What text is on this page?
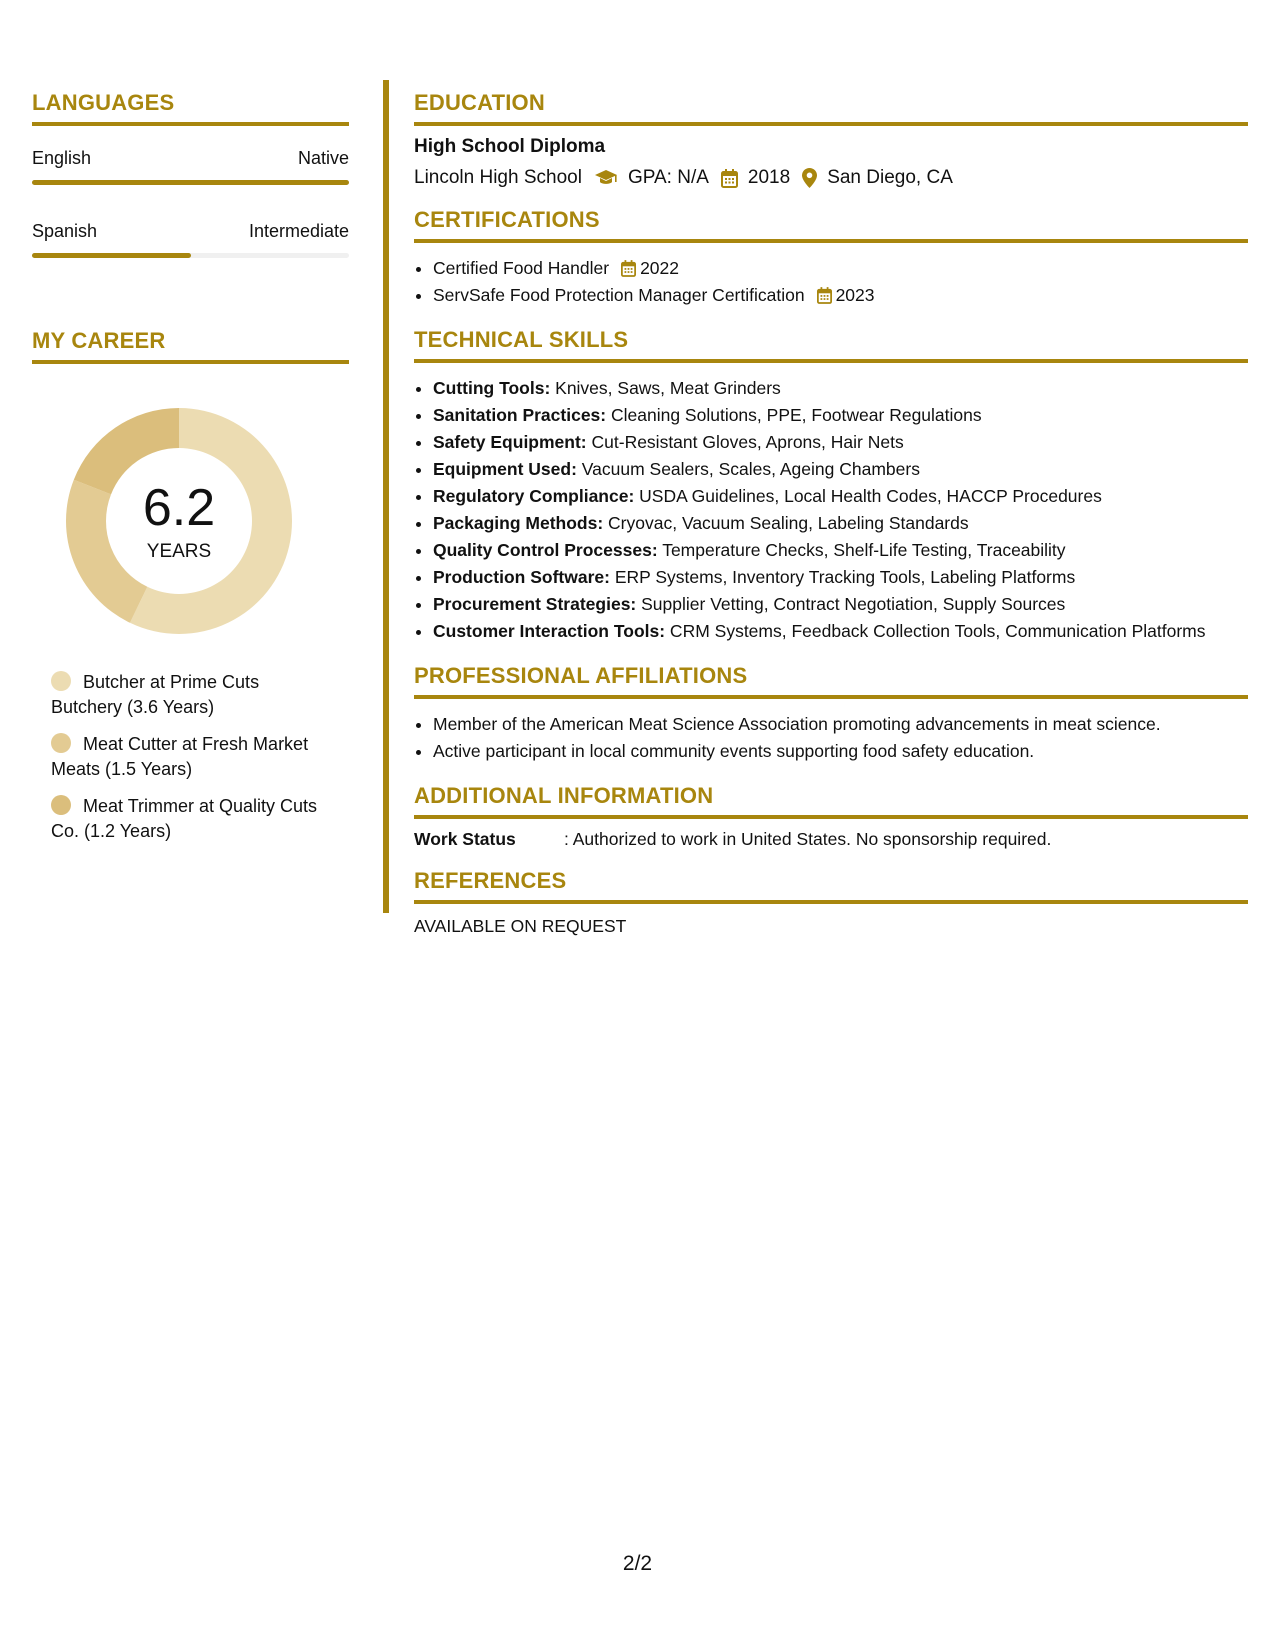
LANGUAGES
English	Native
Spanish	Intermediate
MY CAREER
6.2
YEARS
Butcher at Prime Cuts Butchery (3.6 Years)
Meat Cutter at Fresh Market Meats (1.5 Years)
Meat Trimmer at Quality Cuts Co. (1.2 Years)
EDUCATION
High School Diploma
Lincoln High School GPA: N/A 2018 San Diego, CA
CERTIFICATIONS
• Certified Food Handler 2022
• ServSafe Food Protection Manager Certification 2023
TECHNICAL SKILLS
• Cutting Tools: Knives, Saws, Meat Grinders
• Sanitation Practices: Cleaning Solutions, PPE, Footwear Regulations
• Safety Equipment: Cut-Resistant Gloves, Aprons, Hair Nets
• Equipment Used: Vacuum Sealers, Scales, Ageing Chambers
• Regulatory Compliance: USDA Guidelines, Local Health Codes, HACCP Procedures
• Packaging Methods: Cryovac, Vacuum Sealing, Labeling Standards
• Quality Control Processes: Temperature Checks, Shelf-Life Testing, Traceability
• Production Software: ERP Systems, Inventory Tracking Tools, Labeling Platforms
• Procurement Strategies: Supplier Vetting, Contract Negotiation, Supply Sources
• Customer Interaction Tools: CRM Systems, Feedback Collection Tools, Communication Platforms
PROFESSIONAL AFFILIATIONS
• Member of the American Meat Science Association promoting advancements in meat science.
• Active participant in local community events supporting food safety education.
ADDITIONAL INFORMATION
Work Status	: Authorized to work in United States. No sponsorship required.
REFERENCES
AVAILABLE ON REQUEST
2/2
